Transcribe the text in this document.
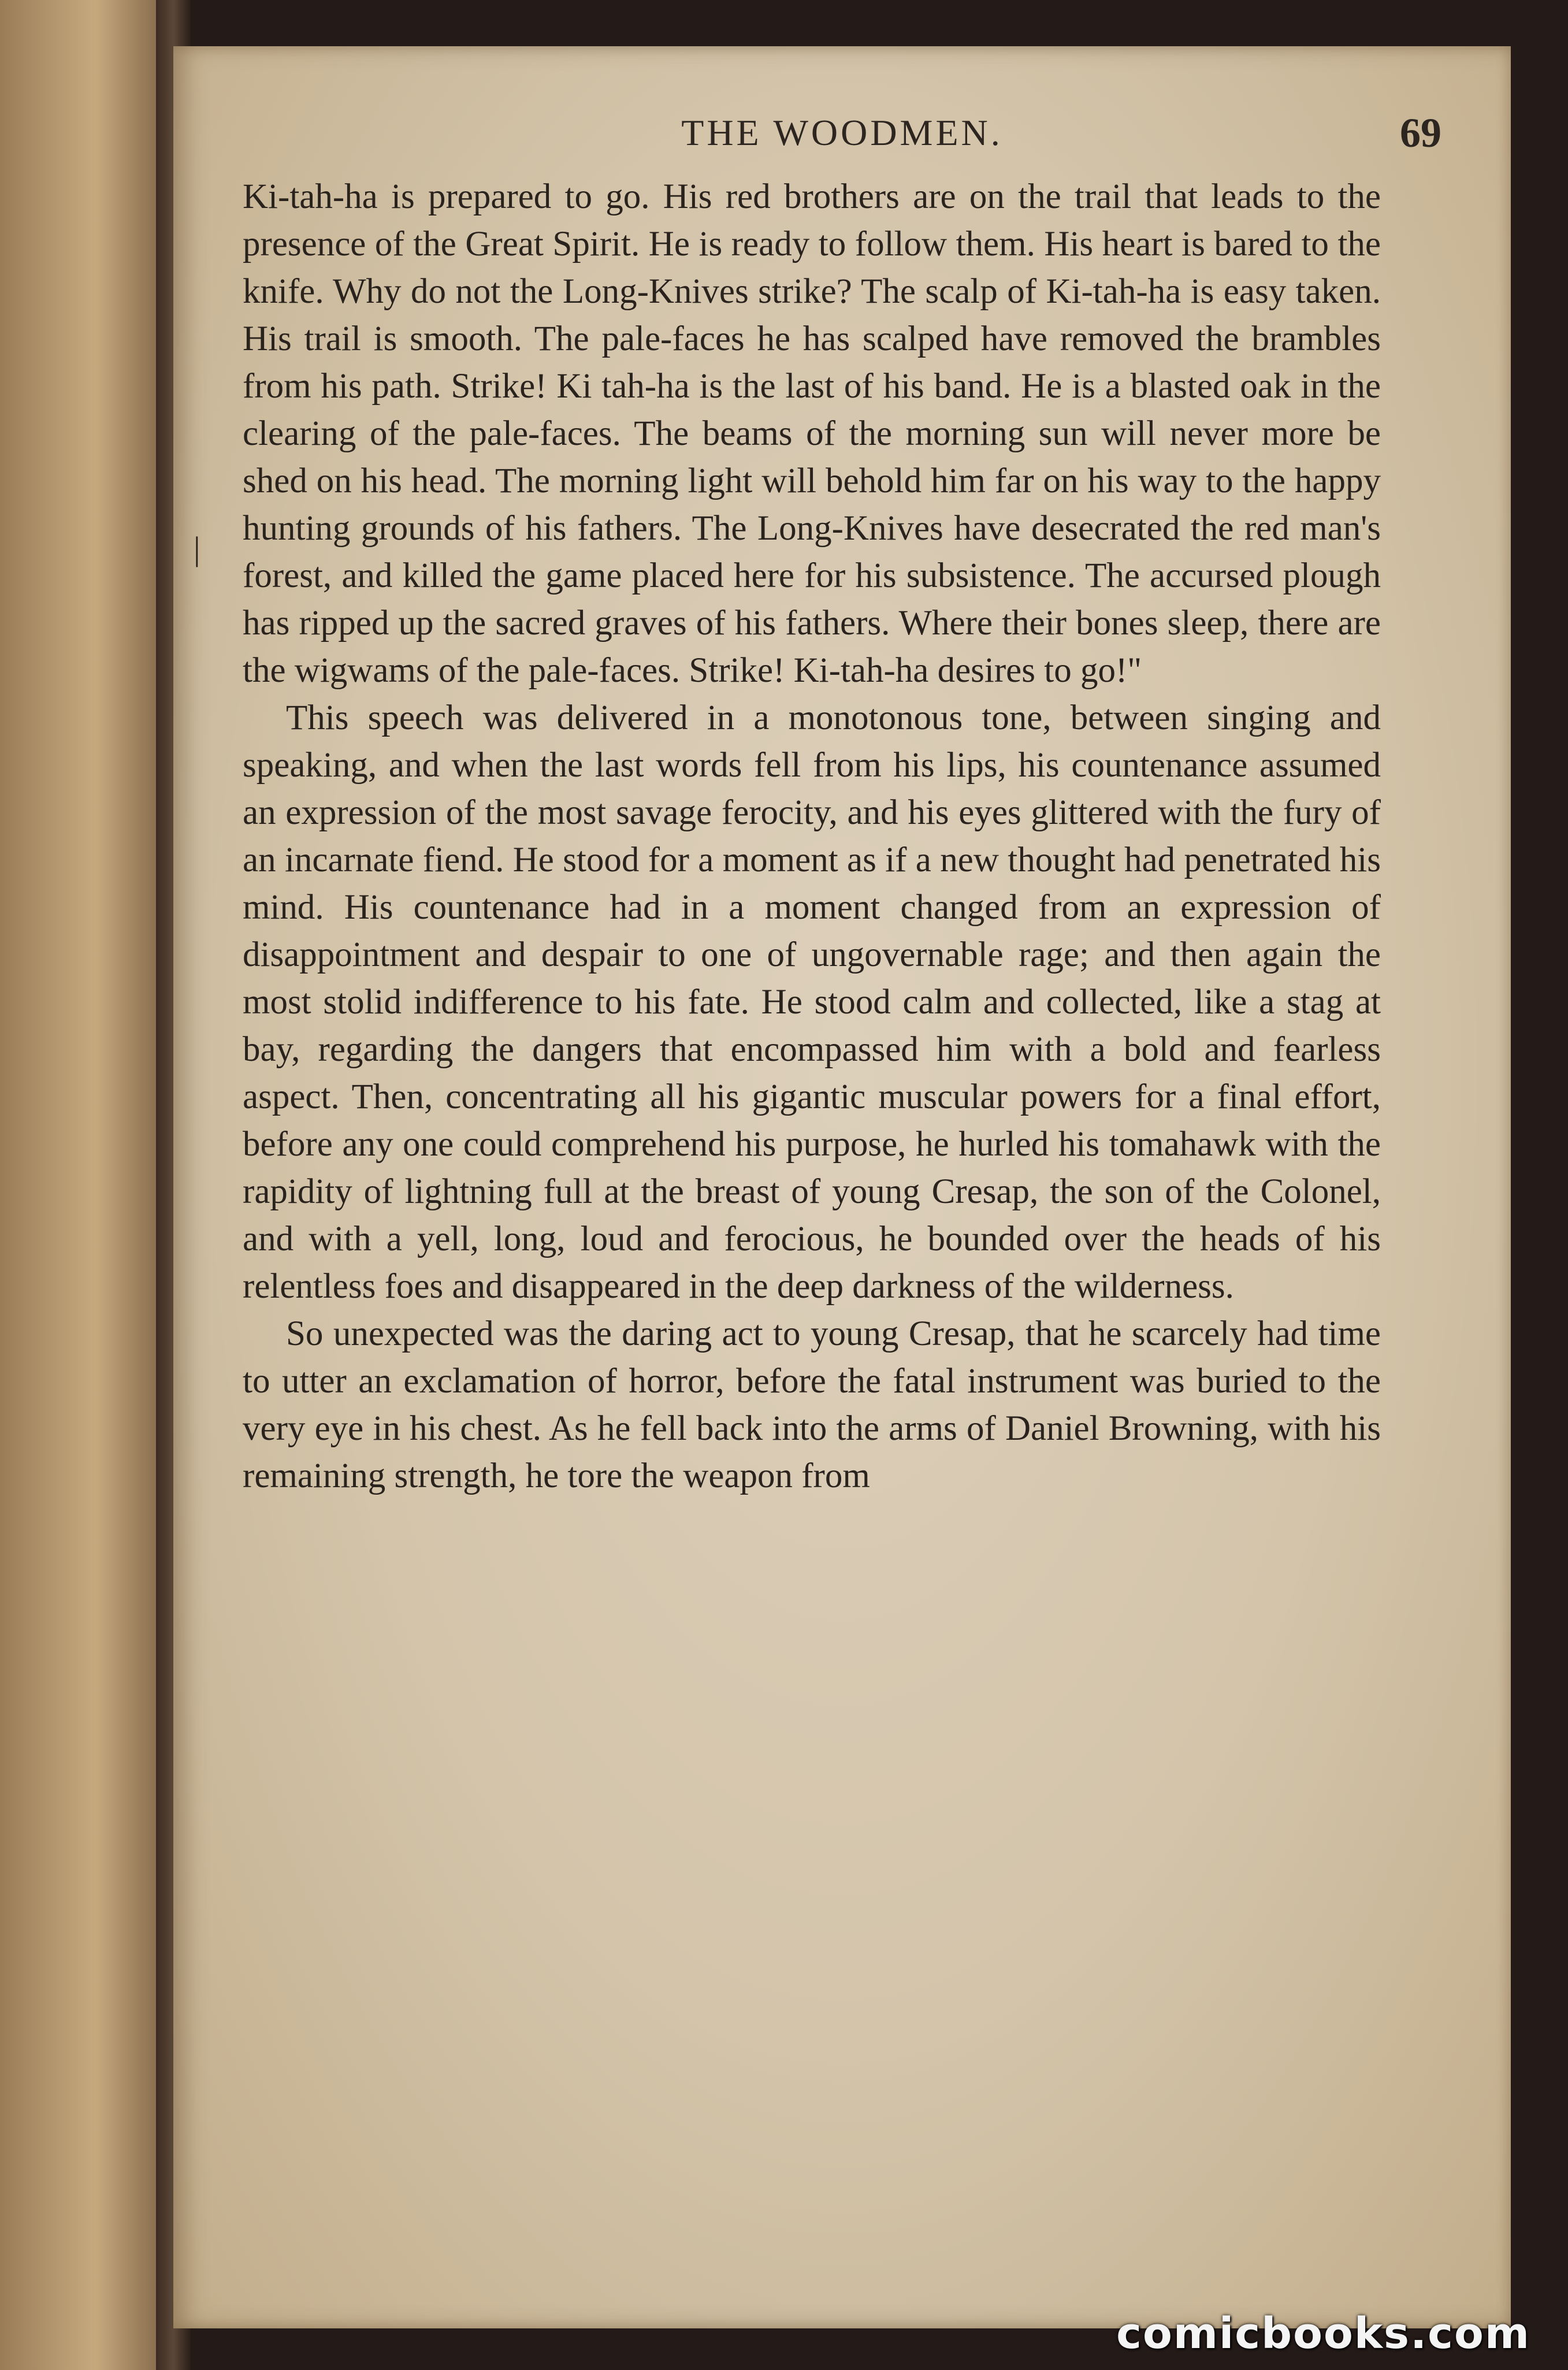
THE WOODMEN.	69
|

Ki-tah-ha is prepared to go. His red brothers are on the trail that leads to the presence of the Great Spirit. He is ready to follow them. His heart is bared to the knife. Why do not the Long-Knives strike? The scalp of Ki-tah-ha is easy taken. His trail is smooth. The pale-faces he has scalped have removed the brambles from his path. Strike! Ki tah-ha is the last of his band. He is a blasted oak in the clearing of the pale-faces. The beams of the morning sun will never more be shed on his head. The morning light will behold him far on his way to the happy hunting grounds of his fathers. The Long-Knives have desecrated the red man's forest, and killed the game placed here for his subsistence. The accursed plough has ripped up the sacred graves of his fathers. Where their bones sleep, there are the wigwams of the pale-faces. Strike! Ki-tah-ha desires to go!"

This speech was delivered in a monotonous tone, between singing and speaking, and when the last words fell from his lips, his countenance assumed an expression of the most savage ferocity, and his eyes glittered with the fury of an incarnate fiend. He stood for a moment as if a new thought had penetrated his mind. His countenance had in a moment changed from an expression of disappointment and despair to one of ungovernable rage; and then again the most stolid indifference to his fate. He stood calm and collected, like a stag at bay, regarding the dangers that encompassed him with a bold and fearless aspect. Then, concentrating all his gigantic muscular powers for a final effort, before any one could comprehend his purpose, he hurled his tomahawk with the rapidity of lightning full at the breast of young Cresap, the son of the Colonel, and with a yell, long, loud and ferocious, he bounded over the heads of his relentless foes and disappeared in the deep darkness of the wilderness.

So unexpected was the daring act to young Cresap, that he scarcely had time to utter an exclamation of horror, before the fatal instrument was buried to the very eye in his chest. As he fell back into the arms of Daniel Browning, with his remaining strength, he tore the weapon from

comicbooks.com
